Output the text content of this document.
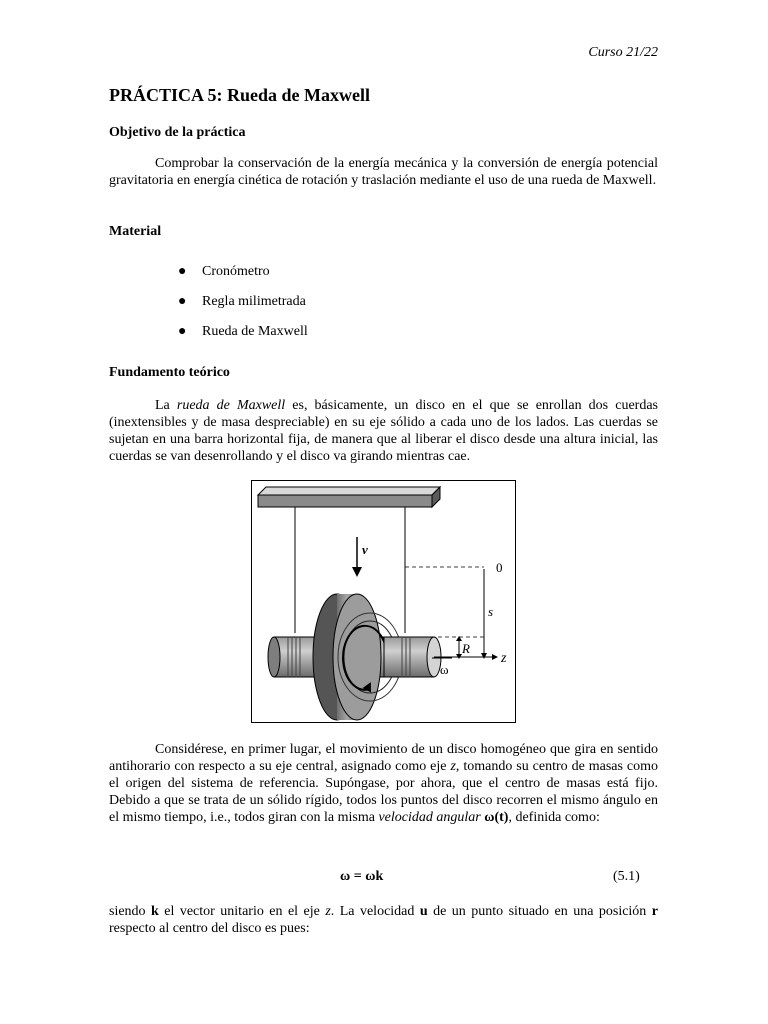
Curso 21/22
PRÁCTICA 5: Rueda de Maxwell
Objetivo de la práctica

Comprobar la conservación de la energía mecánica y la conversión de energía potencial gravitatoria en energía cinética de rotación y traslación mediante el uso de una rueda de Maxwell.

Material
● Cronómetro
● Regla milimetrada
● Rueda de Maxwell
Fundamento teórico

La rueda de Maxwell es, básicamente, un disco en el que se enrollan dos cuerdas (inextensibles y de masa despreciable) en su eje sólido a cada uno de los lados. Las cuerdas se sujetan en una barra horizontal fija, de manera que al liberar el disco desde una altura inicial, las cuerdas se van desenrollando y el disco va girando mientras cae.

v
0
s
R
z
ω

Considérese, en primer lugar, el movimiento de un disco homogéneo que gira en sentido antihorario con respecto a su eje central, asignado como eje z, tomando su centro de masas como el origen del sistema de referencia. Supóngase, por ahora, que el centro de masas está fijo. Debido a que se trata de un sólido rígido, todos los puntos del disco recorren el mismo ángulo en el mismo tiempo, i.e., todos giran con la misma velocidad angular ω(t), definida como:

ω = ωk	(5.1)

siendo k el vector unitario en el eje z. La velocidad u de un punto situado en una posición r respecto al centro del disco es pues:
